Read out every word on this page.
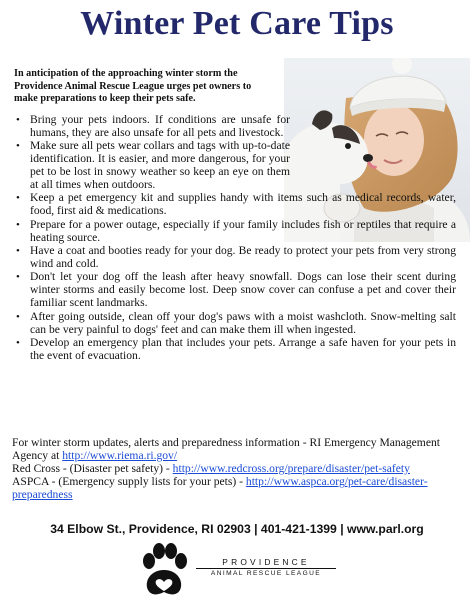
Winter Pet Care Tips
In anticipation of the approaching winter storm the Providence Animal Rescue League urges pet owners to make preparations to keep their pets safe.
• Bring your pets indoors. If conditions are unsafe for humans, they are also unsafe for all pets and livestock.
• Make sure all pets wear collars and tags with up-to-date identification. It is easier, and more dangerous, for your pet to be lost in snowy weather so keep an eye on them at all times when outdoors.
• Keep a pet emergency kit and supplies handy with items such as medical records, water, food, first aid & medications.
• Prepare for a power outage, especially if your family includes fish or reptiles that require a heating source.
• Have a coat and booties ready for your dog. Be ready to protect your pets from very strong wind and cold.
• Don't let your dog off the leash after heavy snowfall. Dogs can lose their scent during winter storms and easily become lost. Deep snow cover can confuse a pet and cover their familiar scent landmarks.
• After going outside, clean off your dog's paws with a moist washcloth. Snow-melting salt can be very painful to dogs' feet and can make them ill when ingested.
• Develop an emergency plan that includes your pets. Arrange a safe haven for your pets in the event of evacuation.
For winter storm updates, alerts and preparedness information - RI Emergency Management Agency at http://www.riema.ri.gov/
Red Cross - (Disaster pet safety) - http://www.redcross.org/prepare/disaster/pet-safety
ASPCA - (Emergency supply lists for your pets) - http://www.aspca.org/pet-care/disaster-preparedness
34 Elbow St., Providence, RI 02903 | 401-421-1399 | www.parl.org
PROVIDENCE
ANIMAL RESCUE LEAGUE
